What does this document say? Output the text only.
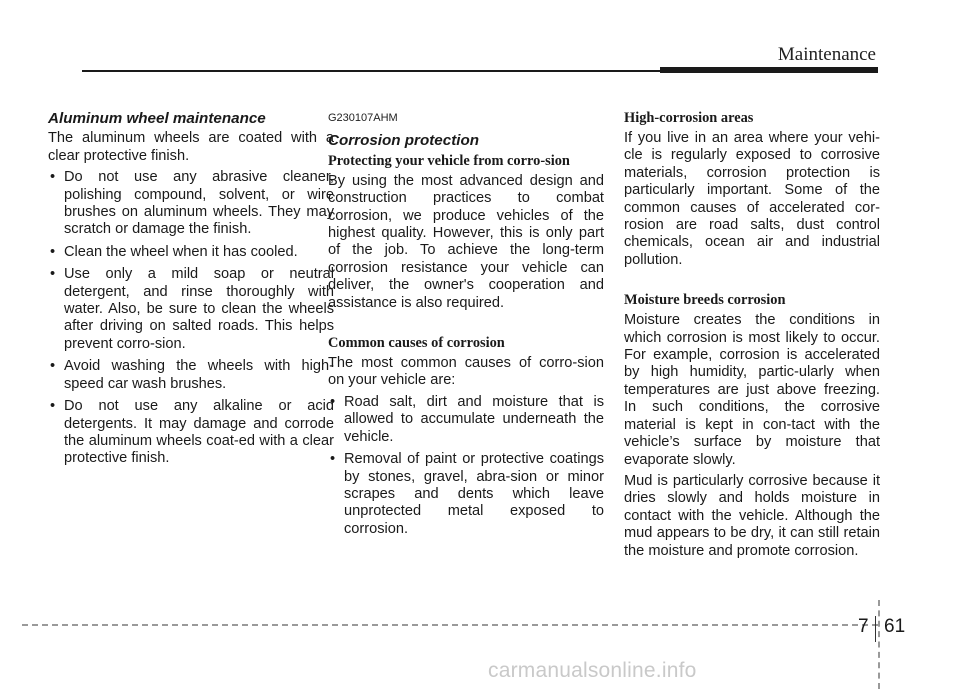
Maintenance

Aluminum wheel maintenance

The aluminum wheels are coated with a clear protective finish.

• Do not use any abrasive cleaner, polishing compound, solvent, or wire brushes on aluminum wheels. They may scratch or damage the finish.
• Clean the wheel when it has cooled.
• Use only a mild soap or neutral detergent, and rinse thoroughly with water. Also, be sure to clean the wheels after driving on salted roads. This helps prevent corro-sion.
• Avoid washing the wheels with high-speed car wash brushes.
• Do not use any alkaline or acid detergents. It may damage and corrode the aluminum wheels coat-ed with a clear protective finish.

G230107AHM

Corrosion protection

Protecting your vehicle from corro-sion

By using the most advanced design and construction practices to combat corrosion, we produce vehicles of the highest quality. However, this is only part of the job. To achieve the long-term corrosion resistance your vehicle can deliver, the owner's cooperation and assistance is also required.

Common causes of corrosion

The most common causes of corro-sion on your vehicle are:

• Road salt, dirt and moisture that is allowed to accumulate underneath the vehicle.
• Removal of paint or protective coatings by stones, gravel, abra-sion or minor scrapes and dents which leave unprotected metal exposed to corrosion.

High-corrosion areas

If you live in an area where your vehi-cle is regularly exposed to corrosive materials, corrosion protection is particularly important. Some of the common causes of accelerated cor-rosion are road salts, dust control chemicals, ocean air and industrial pollution.

Moisture breeds corrosion

Moisture creates the conditions in which corrosion is most likely to occur. For example, corrosion is accelerated by high humidity, partic-ularly when temperatures are just above freezing. In such conditions, the corrosive material is kept in con-tact with the vehicle’s surface by moisture that evaporate slowly.

Mud is particularly corrosive because it dries slowly and holds moisture in contact with the vehicle. Although the mud appears to be dry, it can still retain the moisture and promote corrosion.

7 61
carmanualsonline.info
